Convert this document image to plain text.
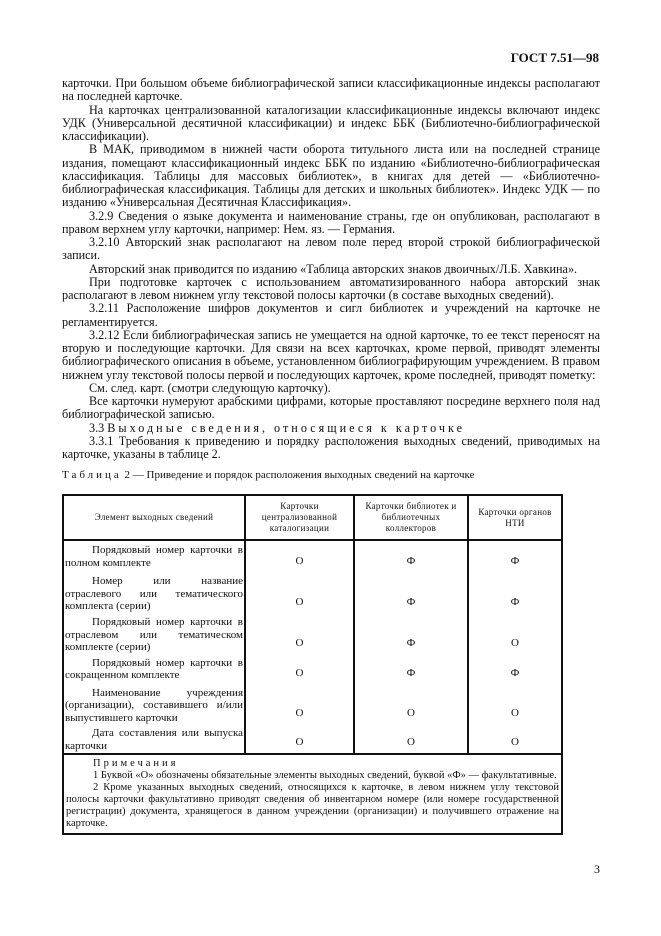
ГОСТ 7.51—98

карточки. При большом объеме библиографической записи классификационные индексы располагают на последней карточке.

На карточках централизованной каталогизации классификационные индексы включают индекс УДК (Универсальной десятичной классификации) и индекс ББК (Библиотечно-библиографической классификации).

В МАК, приводимом в нижней части оборота титульного листа или на последней странице издания, помещают классификационный индекс ББК по изданию «Библиотечно-библиографическая классификация. Таблицы для массовых библиотек», в книгах для детей — «Библиотечно-библиографическая классификация. Таблицы для детских и школьных библиотек». Индекс УДК — по изданию «Универсальная Десятичная Классификация».

3.2.9 Сведения о языке документа и наименование страны, где он опубликован, располагают в правом верхнем углу карточки, например: Нем. яз. — Германия.

3.2.10 Авторский знак располагают на левом поле перед второй строкой библиографической записи.

Авторский знак приводится по изданию «Таблица авторских знаков двоичных/Л.Б. Хавкина».

При подготовке карточек с использованием автоматизированного набора авторский знак располагают в левом нижнем углу текстовой полосы карточки (в составе выходных сведений).

3.2.11 Расположение шифров документов и сигл библиотек и учреждений на карточке не регламентируется.

3.2.12 Если библиографическая запись не умещается на одной карточке, то ее текст переносят на вторую и последующие карточки. Для связи на всех карточках, кроме первой, приводят элементы библиографического описания в объеме, установленном библиографирующим учреждением. В правом нижнем углу текстовой полосы первой и последующих карточек, кроме последней, приводят пометку:

См. след. карт. (смотри следующую карточку).

Все карточки нумеруют арабскими цифрами, которые проставляют посредине верхнего поля над библиографической записью.

3.3 Выходные сведения, относящиеся к карточке

3.3.1 Требования к приведению и порядку расположения выходных сведений, приводимых на карточке, указаны в таблице 2.

Таблица 2 — Приведение и порядок расположения выходных сведений на карточке
Элемент выходных сведений	Карточки централизованной каталогизации	Карточки библиотек и библиотечных коллекторов	Карточки органов НТИ

Порядковый номер карточки в полном комплекте	О	Ф	Ф

Номер или название отраслевого или тематического комплекта (серии)	О	Ф	Ф

Порядковый номер карточки в отраслевом или тематическом комплекте (серии)	О	Ф	О

Порядковый номер карточки в сокращенном комплекте	О	Ф	Ф

Наименование учреждения (организации), составившего и/или выпустившего карточки	О	О	О

Дата составления или выпуска карточки	О	О	О

Примечания
1 Буквой «О» обозначены обязательные элементы выходных сведений, буквой «Ф» — факультативные.
2 Кроме указанных выходных сведений, относящихся к карточке, в левом нижнем углу текстовой полосы карточки факультативно приводят сведения об инвентарном номере (или номере государственной регистрации) документа, хранящегося в данном учреждении (организации) и получившего отражение на карточке.			
3
